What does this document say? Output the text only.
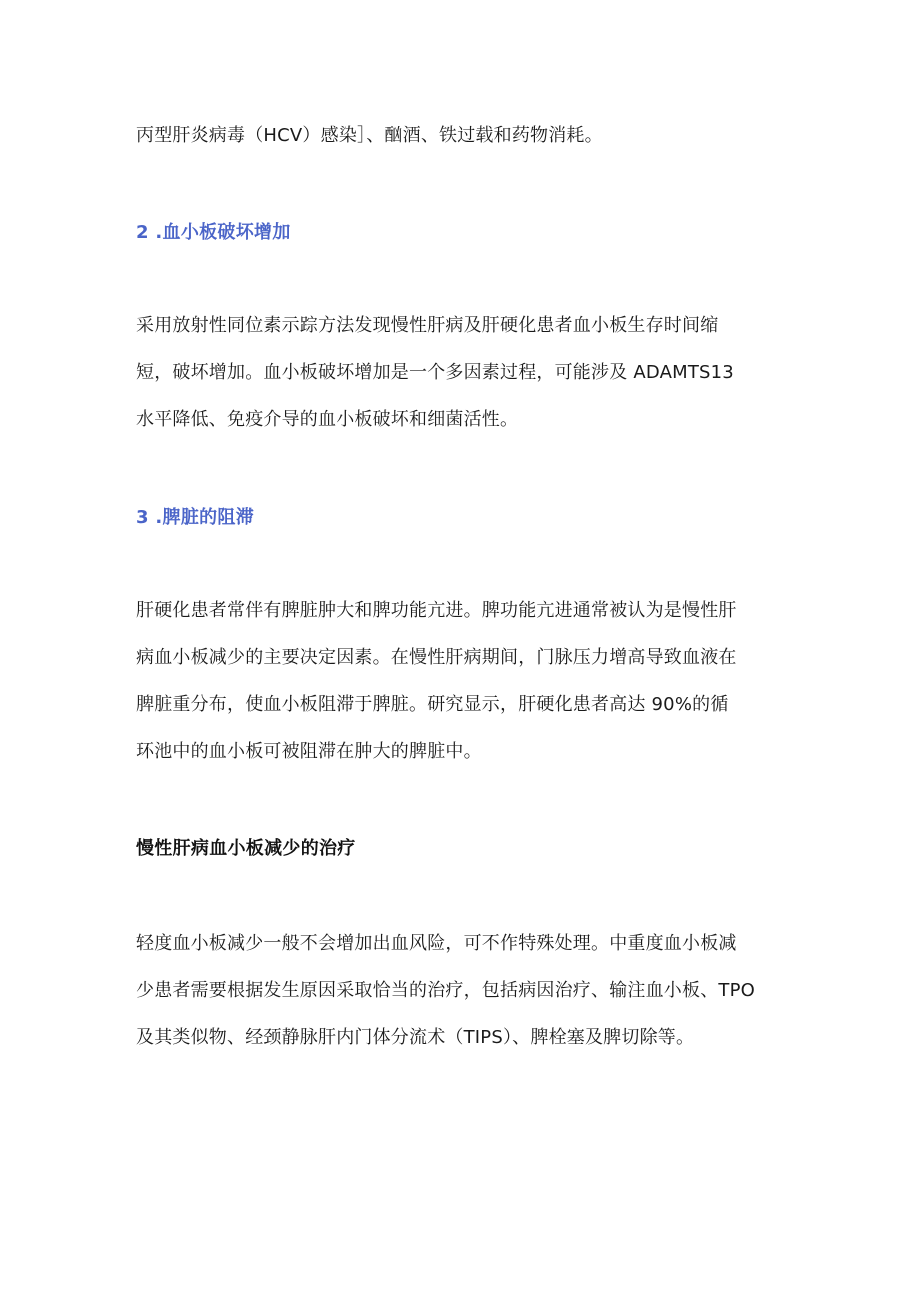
丙型肝炎病毒（HCV）感染］、酗酒、铁过载和药物消耗。

2 .血小板破坏增加

采用放射性同位素示踪方法发现慢性肝病及肝硬化患者血小板生存时间缩
短，破坏增加。血小板破坏增加是一个多因素过程，可能涉及 ADAMTS13
水平降低、免疫介导的血小板破坏和细菌活性。

3 .脾脏的阻滞

肝硬化患者常伴有脾脏肿大和脾功能亢进。脾功能亢进通常被认为是慢性肝
病血小板减少的主要决定因素。在慢性肝病期间，门脉压力增高导致血液在
脾脏重分布，使血小板阻滞于脾脏。研究显示，肝硬化患者高达 90%的循
环池中的血小板可被阻滞在肿大的脾脏中。

慢性肝病血小板减少的治疗

轻度血小板减少一般不会增加出血风险，可不作特殊处理。中重度血小板减
少患者需要根据发生原因采取恰当的治疗，包括病因治疗、输注血小板、TPO
及其类似物、经颈静脉肝内门体分流术（TIPS）、脾栓塞及脾切除等。
